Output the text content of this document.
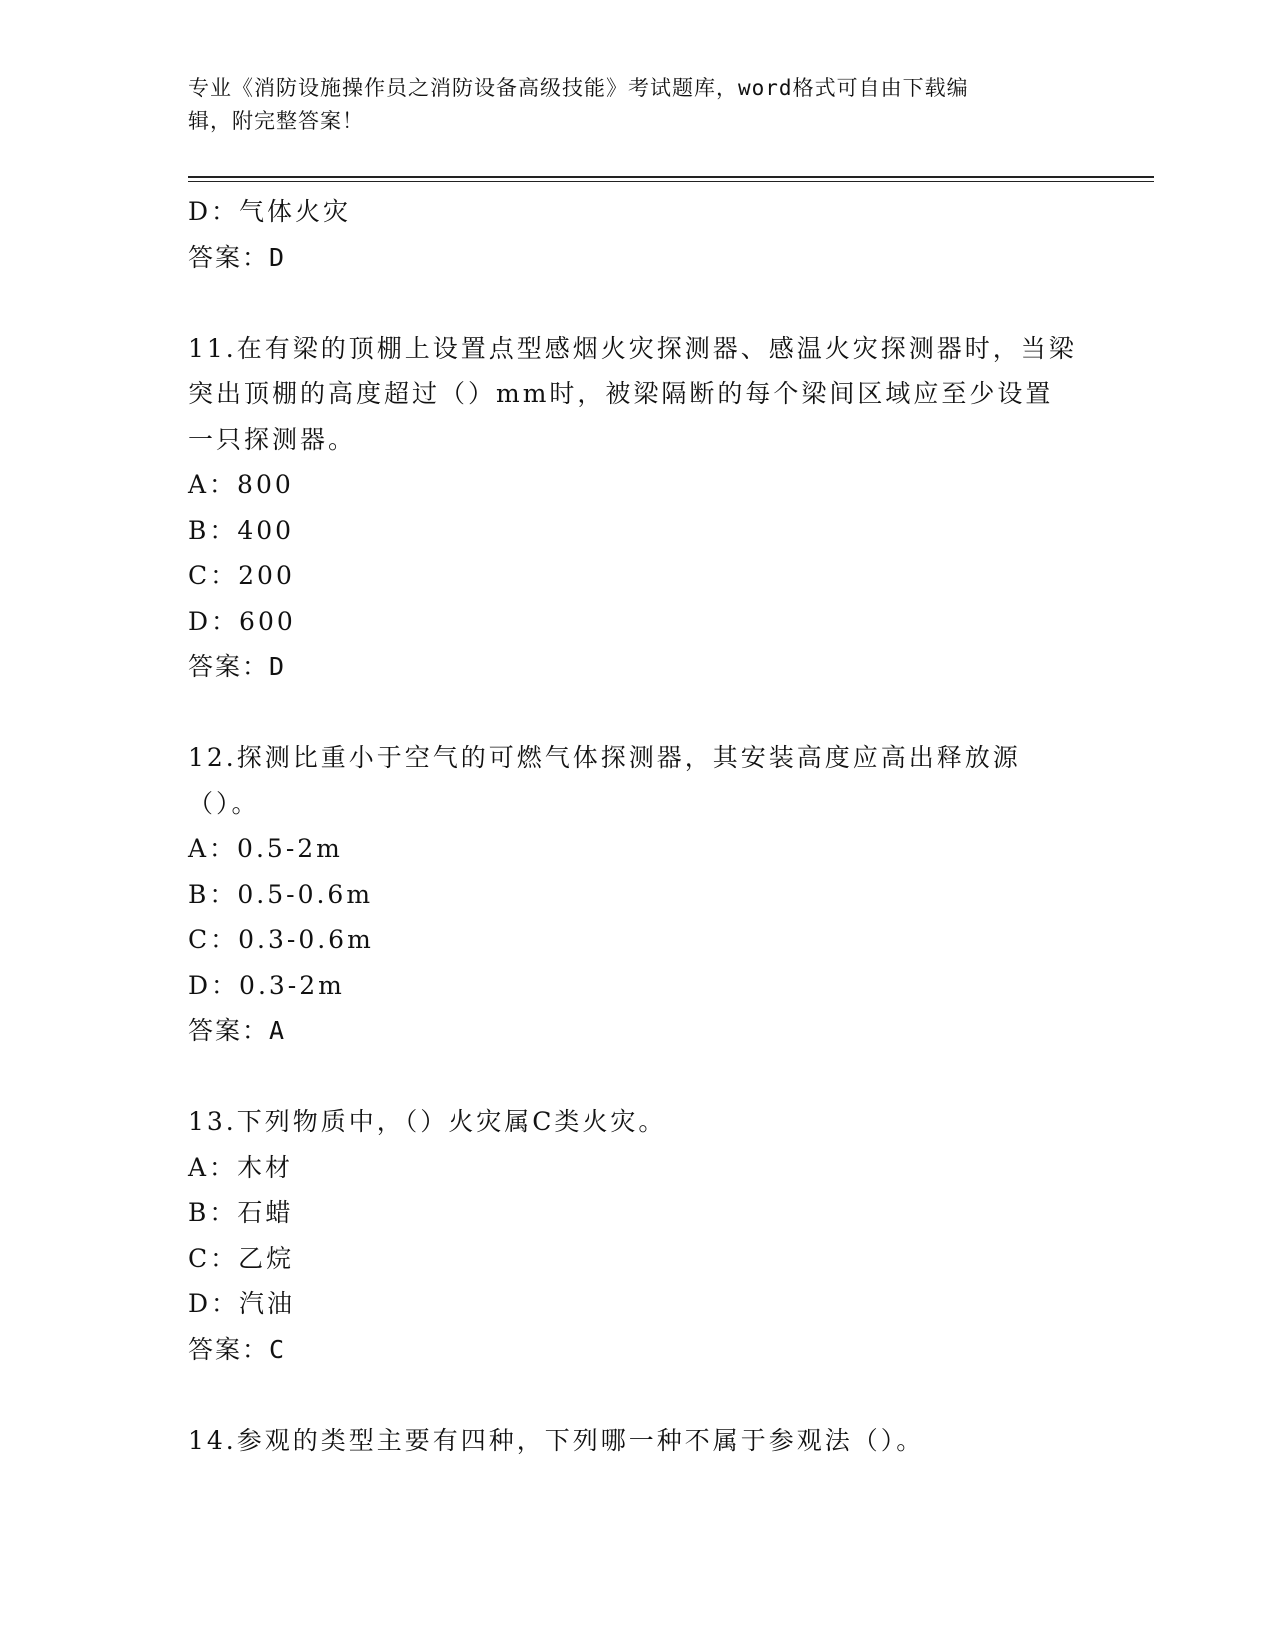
专业《消防设施操作员之消防设备高级技能》考试题库，word格式可自由下载编
辑，附完整答案！
D：气体火灾
答案：D
11.在有梁的顶棚上设置点型感烟火灾探测器、感温火灾探测器时，当梁突出顶棚的高度超过（）mm时，被梁隔断的每个梁间区域应至少设置一只探测器。
A：800
B：400
C：200
D：600
答案：D
12.探测比重小于空气的可燃气体探测器，其安装高度应高出释放源（）。
A：0.5-2m
B：0.5-0.6m
C：0.3-0.6m
D：0.3-2m
答案：A
13.下列物质中，（）火灾属C类火灾。
A：木材
B：石蜡
C：乙烷
D：汽油
答案：C
14.参观的类型主要有四种，下列哪一种不属于参观法（）。
